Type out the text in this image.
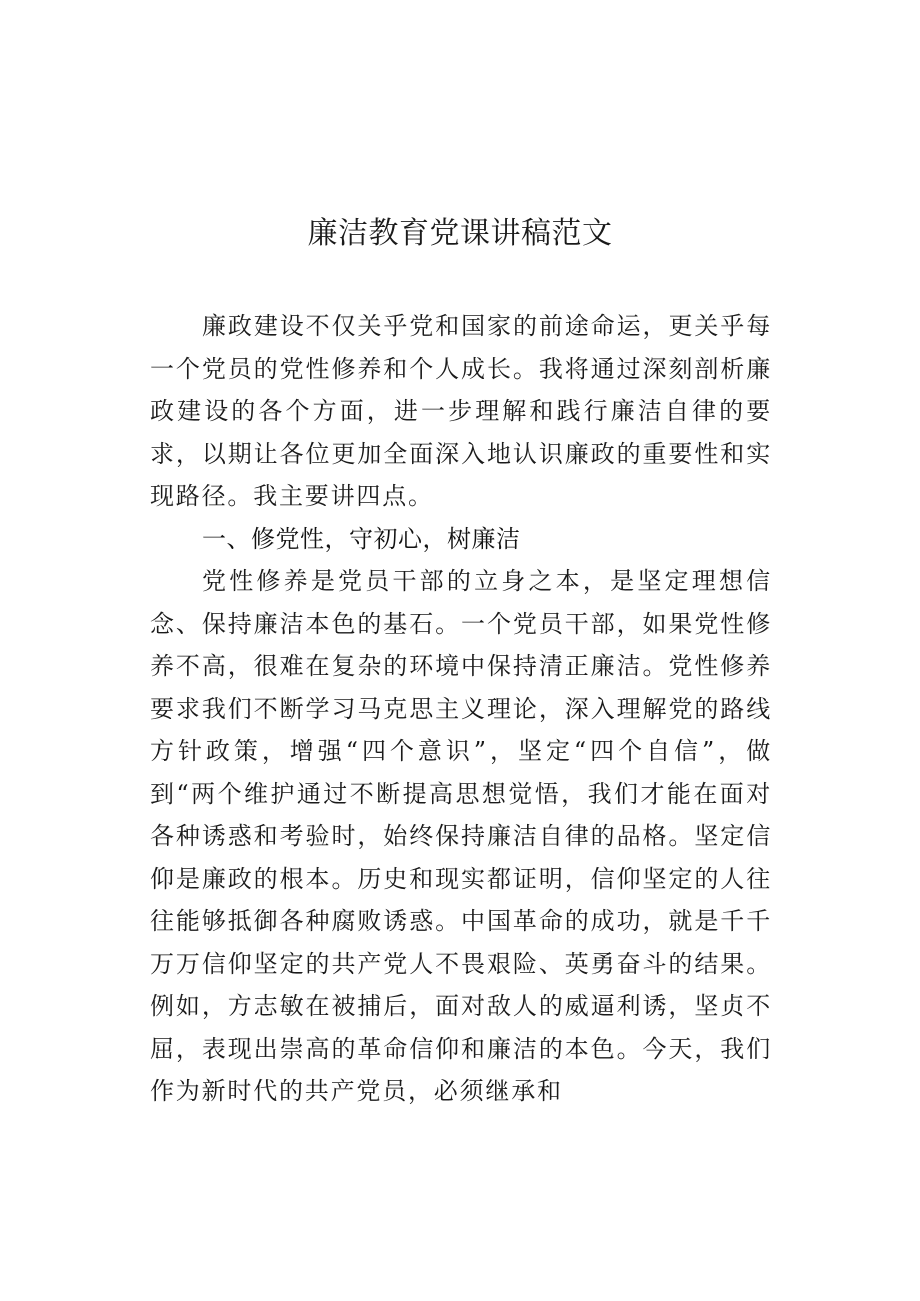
廉洁教育党课讲稿范文

廉政建设不仅关乎党和国家的前途命运，更关乎每一个党员的党性修养和个人成长。我将通过深刻剖析廉政建设的各个方面，进一步理解和践行廉洁自律的要求，以期让各位更加全面深入地认识廉政的重要性和实现路径。我主要讲四点。

一、修党性，守初心，树廉洁

党性修养是党员干部的立身之本，是坚定理想信念、保持廉洁本色的基石。一个党员干部，如果党性修养不高，很难在复杂的环境中保持清正廉洁。党性修养要求我们不断学习马克思主义理论，深入理解党的路线方针政策，增强“四个意识”，坚定“四个自信”，做到“两个维护通过不断提高思想觉悟，我们才能在面对各种诱惑和考验时，始终保持廉洁自律的品格。坚定信仰是廉政的根本。历史和现实都证明，信仰坚定的人往往能够抵御各种腐败诱惑。中国革命的成功，就是千千万万信仰坚定的共产党人不畏艰险、英勇奋斗的结果。例如，方志敏在被捕后，面对敌人的威逼利诱，坚贞不屈，表现出崇高的革命信仰和廉洁的本色。今天，我们作为新时代的共产党员，必须继承和
